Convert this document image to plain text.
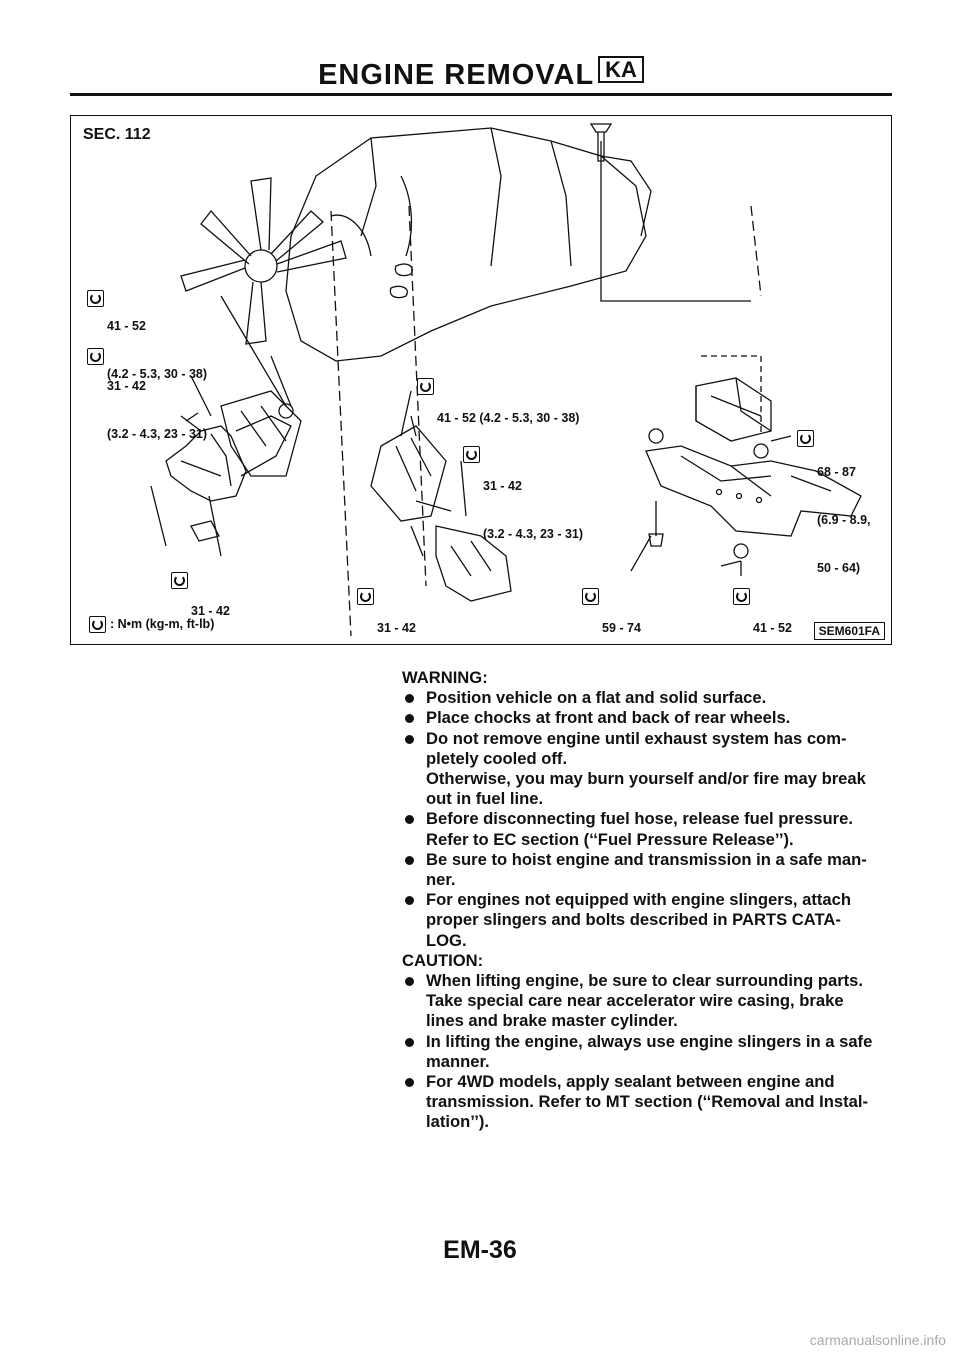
ENGINE REMOVAL KA
SEC. 112

41 - 52

(4.2 - 5.3, 30 - 38)

31 - 42

(3.2 - 4.3, 23 - 31)

41 - 52 (4.2 - 5.3, 30 - 38)

31 - 42

(3.2 - 4.3, 23 - 31)

68 - 87

(6.9 - 8.9,

50 - 64)

31 - 42

31 - 42

	59 - 74

	41 - 52

: N•m (kg-m, ft-lb)
SEM601FA
WARNING:
Position vehicle on a flat and solid surface.
Place chocks at front and back of rear wheels.
Do not remove engine until exhaust system has com-
pletely cooled off.
Otherwise, you may burn yourself and/or fire may break
out in fuel line.
Before disconnecting fuel hose, release fuel pressure.
Refer to EC section (‘‘Fuel Pressure Release’’).
Be sure to hoist engine and transmission in a safe man-
ner.
For engines not equipped with engine slingers, attach
proper slingers and bolts described in PARTS CATA-
LOG.
CAUTION:
When lifting engine, be sure to clear surrounding parts.
Take special care near accelerator wire casing, brake
lines and brake master cylinder.
In lifting the engine, always use engine slingers in a safe
manner.
For 4WD models, apply sealant between engine and
transmission. Refer to MT section (‘‘Removal and Instal-
lation’’).
EM-36
carmanualsonline.info
